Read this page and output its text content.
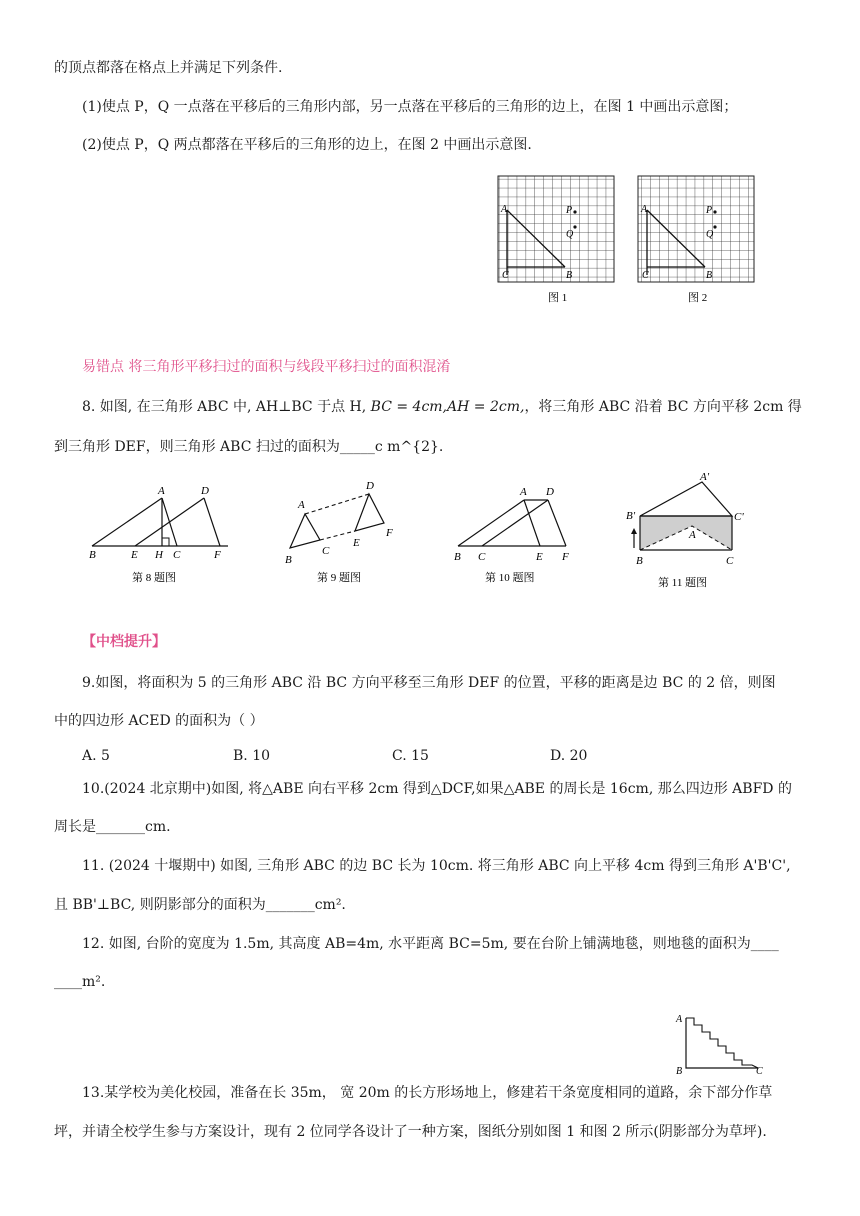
的顶点都落在格点上并满足下列条件.
(1)使点 P，Q 一点落在平移后的三角形内部，另一点落在平移后的三角形的边上，在图 1 中画出示意图；
(2)使点 P，Q 两点都落在平移后的三角形的边上，在图 2 中画出示意图.
A
C	B
P
Q
图 1
A
C	B
P
Q
图 2
易错点 将三角形平移扫过的面积与线段平移扫过的面积混淆
8. 如图, 在三角形 ABC 中, AH⊥BC 于点 H, BC = 4cm,AH = 2cm,，将三角形 ABC 沿着 BC 方向平移 2cm 得
到三角形 DEF，则三角形 ABC 扫过的面积为_____c m^{2}.
A	D
B	E H C	F
第 8 题图
A
D
B
C
E
F
第 9 题图
A D
B C	E F
第 10 题图
A'
B'	C'
A
B	C
第 11 题图
【中档提升】
9.如图，将面积为 5 的三角形 ABC 沿 BC 方向平移至三角形 DEF 的位置，平移的距离是边 BC 的 2 倍，则图
中的四边形 ACED 的面积为（ ）
A. 5	B. 10	C. 15	D. 20
10.(2024 北京期中)如图, 将△ABE 向右平移 2cm 得到△DCF,如果△ABE 的周长是 16cm, 那么四边形 ABFD 的
周长是_______cm.
11. (2024 十堰期中) 如图, 三角形 ABC 的边 BC 长为 10cm. 将三角形 ABC 向上平移 4cm 得到三角形 A'B'C',
且 BB'⊥BC, 则阴影部分的面积为_______cm².
12. 如图, 台阶的宽度为 1.5m, 其高度 AB=4m, 水平距离 BC=5m, 要在台阶上铺满地毯，则地毯的面积为____
____m².
A
B	C
13.某学校为美化校园，准备在长 35m， 宽 20m 的长方形场地上，修建若干条宽度相同的道路，余下部分作草
坪，并请全校学生参与方案设计，现有 2 位同学各设计了一种方案，图纸分别如图 1 和图 2 所示(阴影部分为草坪).
